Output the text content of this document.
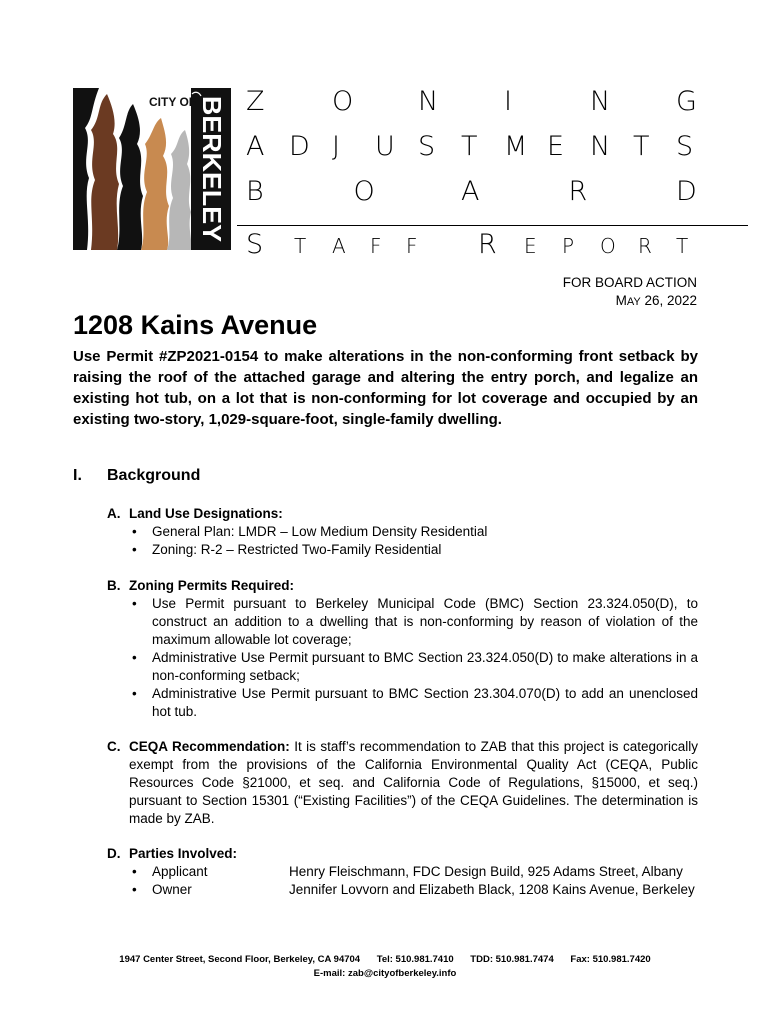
CITY OF BERKELEY Z	O N I	N G
A D J U S T M E N T S
B	O	A	R	D
S T A F F R E P O R T
FOR BOARD ACTION
MAY 26, 2022
1208 Kains Avenue

Use Permit #ZP2021-0154 to make alterations in the non-conforming front setback by raising the roof of the attached garage and altering the entry porch, and legalize an existing hot tub, on a lot that is non-conforming for lot coverage and occupied by an existing two-story, 1,029-square-foot, single-family dwelling.

I. Background
A. Land Use Designations:
• General Plan: LMDR – Low Medium Density Residential
• Zoning: R-2 – Restricted Two-Family Residential
B. Zoning Permits Required:
• Use Permit pursuant to Berkeley Municipal Code (BMC) Section 23.324.050(D), to construct an addition to a dwelling that is non-conforming by reason of violation of the maximum allowable lot coverage;
• Administrative Use Permit pursuant to BMC Section 23.324.050(D) to make alterations in a non-conforming setback;
• Administrative Use Permit pursuant to BMC Section 23.304.070(D) to add an unenclosed hot tub.
C. CEQA Recommendation: It is staff’s recommendation to ZAB that this project is categorically exempt from the provisions of the California Environmental Quality Act (CEQA, Public Resources Code §21000, et seq. and California Code of Regulations, §15000, et seq.) pursuant to Section 15301 (“Existing Facilities”) of the CEQA Guidelines. The determination is made by ZAB.
D. Parties Involved:
• Applicant	Henry Fleischmann, FDC Design Build, 925 Adams Street, Albany
• Owner	Jennifer Lovvorn and Elizabeth Black, 1208 Kains Avenue, Berkeley
1947 Center Street, Second Floor, Berkeley, CA 94704 Tel: 510.981.7410 TDD: 510.981.7474 Fax: 510.981.7420
E-mail: zab@cityofberkeley.info
